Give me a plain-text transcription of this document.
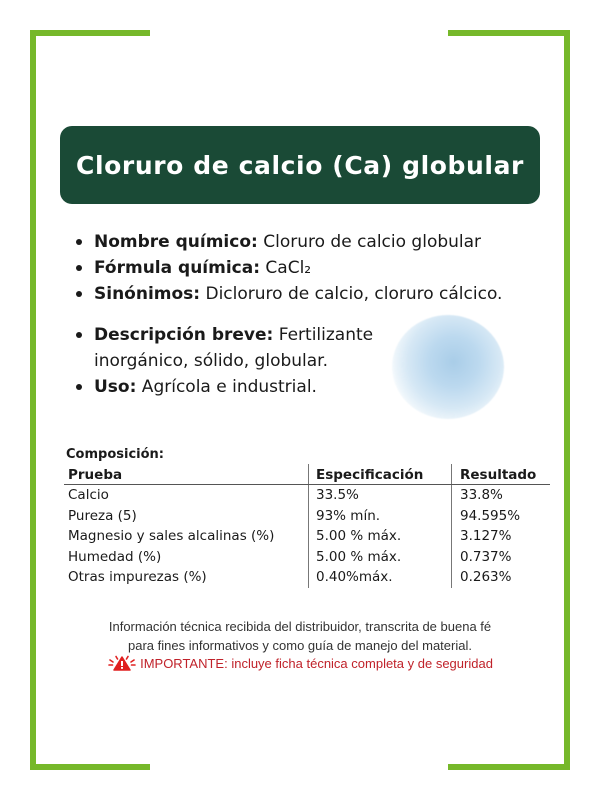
Cloruro de calcio (Ca) globular
Nombre químico: Cloruro de calcio globular
Fórmula química: CaCl₂
Sinónimos: Dicloruro de calcio, cloruro cálcico.
Descripción breve: Fertilizante inorgánico, sólido, globular.
Uso: Agrícola e industrial.
Composición:
Prueba	Especificación	Resultado
Calcio	33.5%	33.8%
Pureza (5)	93% mín.	94.595%
Magnesio y sales alcalinas (%)	5.00 % máx.	3.127%
Humedad (%)	5.00 % máx.	0.737%
Otras impurezas (%)	0.40%máx.	0.263%
Información técnica recibida del distribuidor, transcrita de buena fé
para fines informativos y como guía de manejo del material.
IMPORTANTE: incluye ficha técnica completa y de seguridad
